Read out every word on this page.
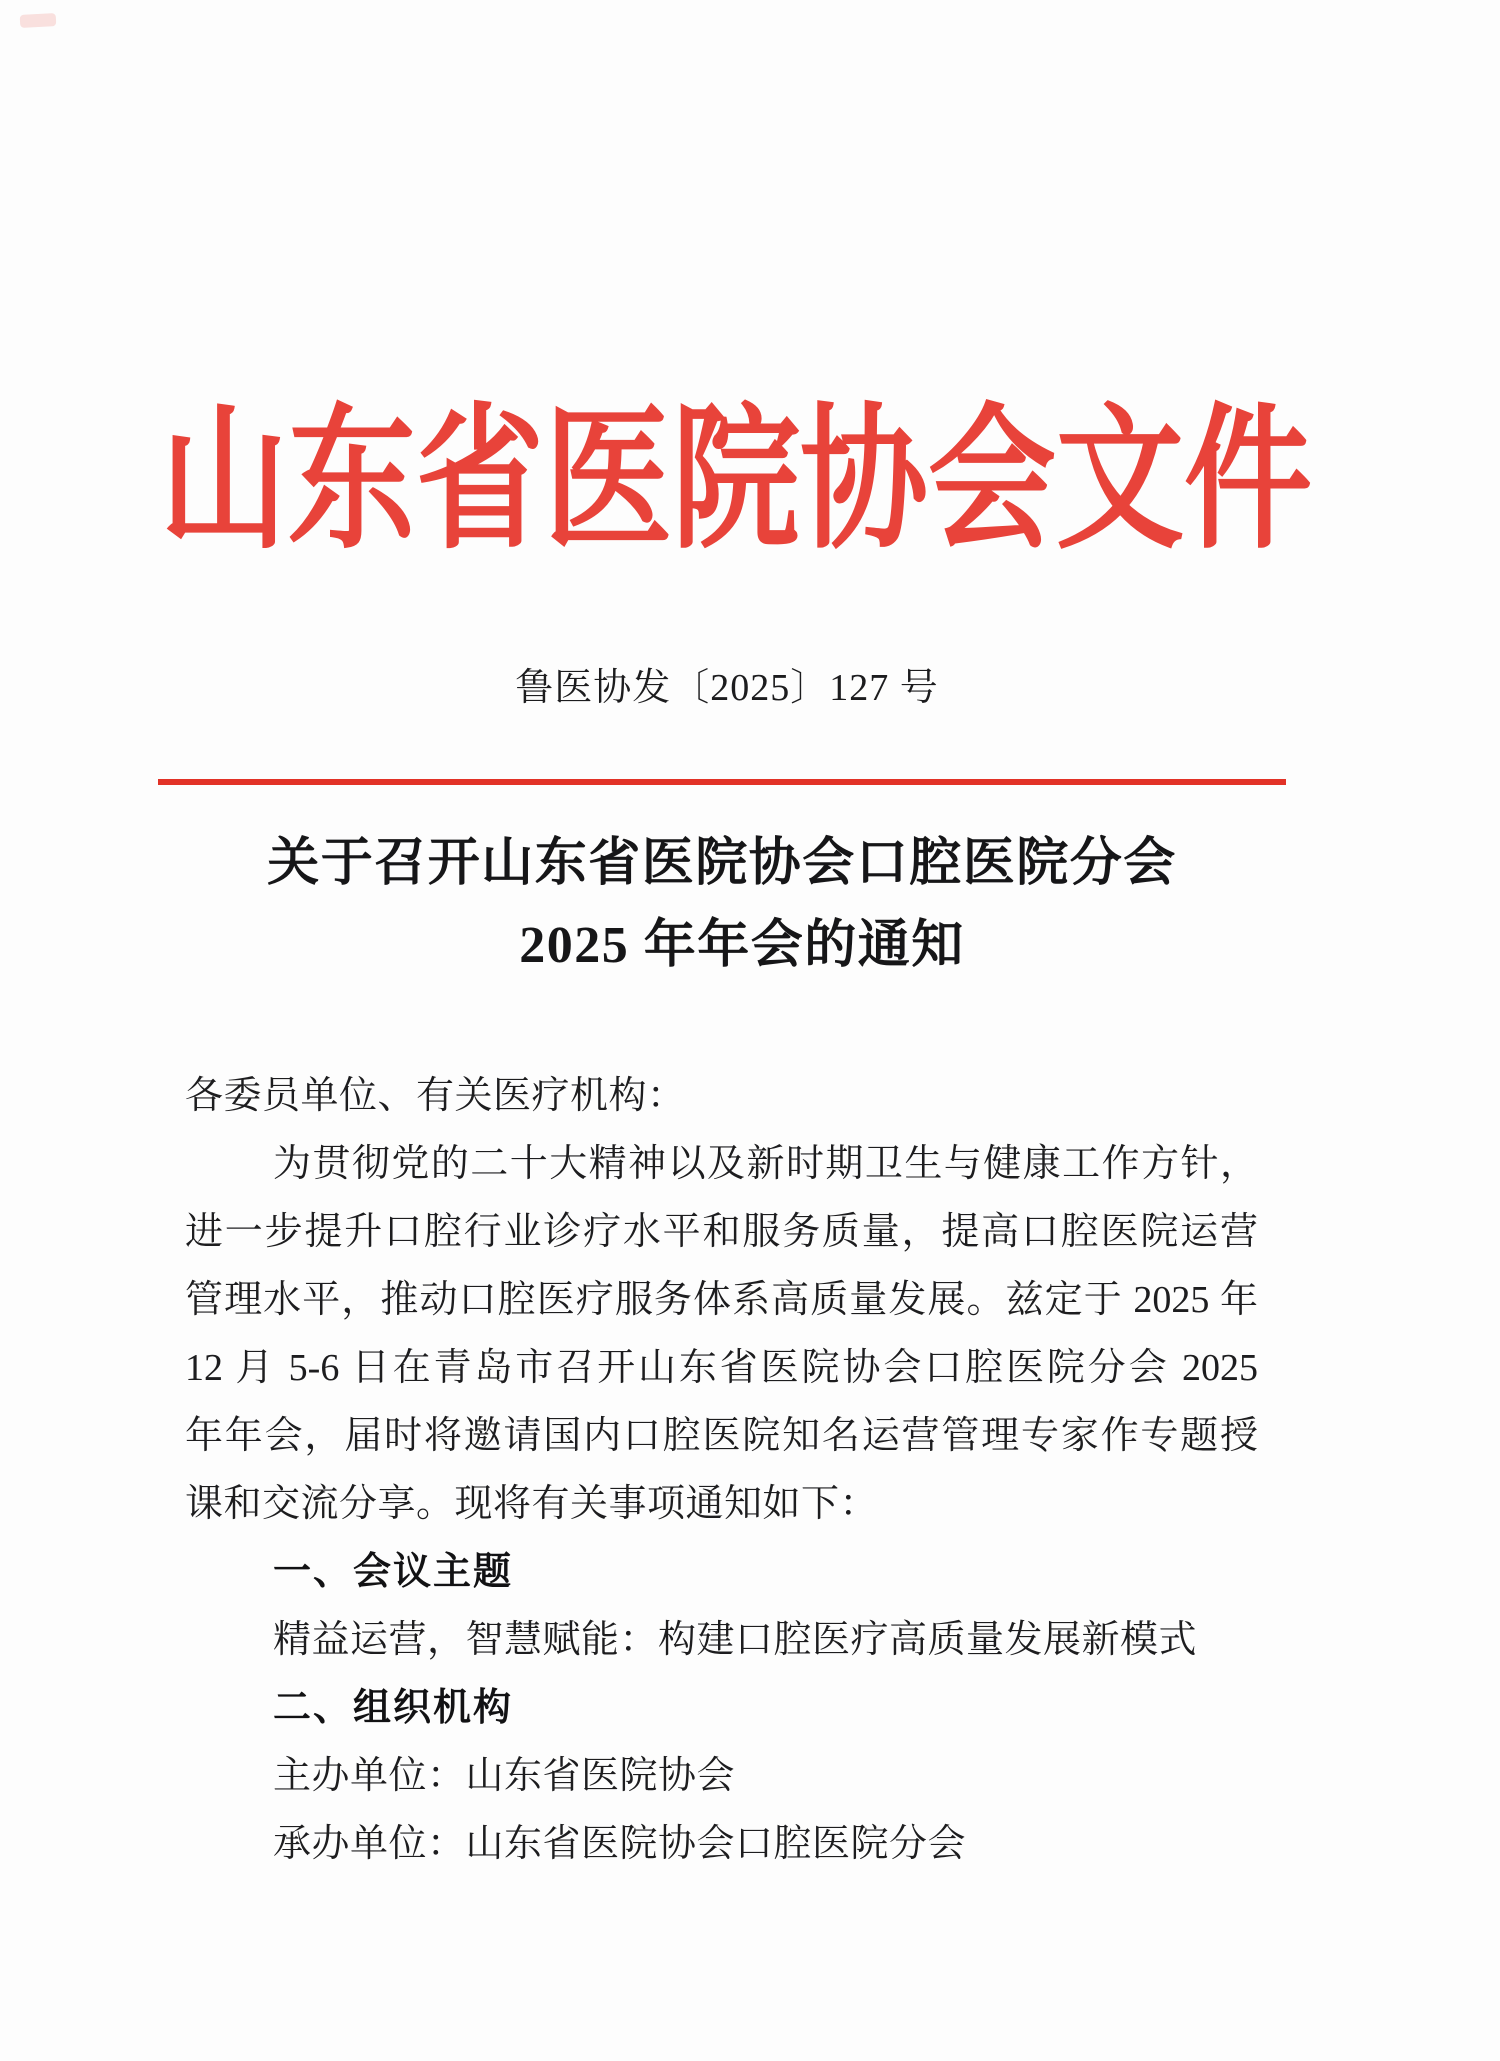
山东省医院协会文件
鲁医协发〔2025〕127 号
关于召开山东省医院协会口腔医院分会
2025 年年会的通知
各委员单位、有关医疗机构：
为贯彻党的二十大精神以及新时期卫生与健康工作方针，
进一步提升口腔行业诊疗水平和服务质量，提高口腔医院运营
管理水平，推动口腔医疗服务体系高质量发展。兹定于 2025 年
12 月 5-6 日在青岛市召开山东省医院协会口腔医院分会 2025
年年会，届时将邀请国内口腔医院知名运营管理专家作专题授
课和交流分享。现将有关事项通知如下：
一、会议主题
精益运营，智慧赋能：构建口腔医疗高质量发展新模式
二、组织机构
主办单位：山东省医院协会
承办单位：山东省医院协会口腔医院分会
